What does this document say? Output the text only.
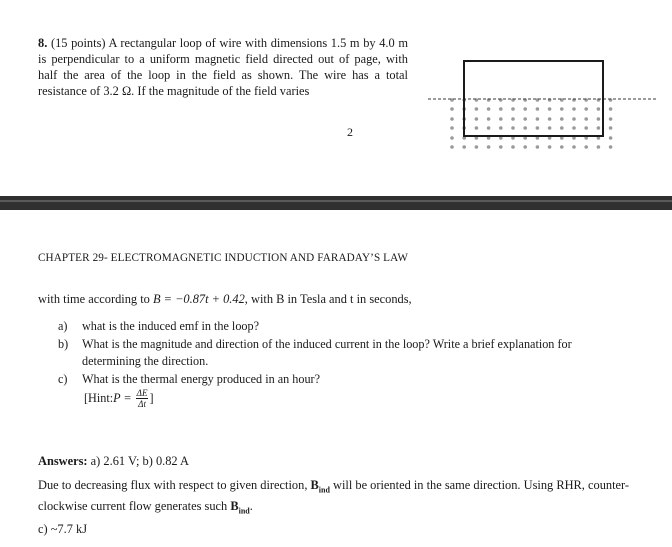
8. (15 points) A rectangular loop of wire with dimensions 1.5 m by 4.0 m is perpendicular to a uniform magnetic field directed out of page, with half the area of the loop in the field as shown. The wire has a total resistance of 3.2 Ω. If the magnitude of the field varies

2
CHAPTER 29- ELECTROMAGNETIC INDUCTION AND FARADAY’S LAW
with time according to B = −0.87t + 0.42, with B in Tesla and t in seconds,
a) what is the induced emf in the loop?
b) What is the magnitude and direction of the induced current in the loop? Write a brief explanation for determining the direction.
c) What is the thermal energy produced in an hour?
[Hint: P =
$\frac{\Delta E}{\Delta t}$ ]
Answers: a) 2.61 V; b) 0.82 A

Due to decreasing flux with respect to given direction, $B_{ind}$ will be oriented in the same direction. Using RHR, counter-clockwise current flow generates such $B_{ind}$.

c) ~7.7 kJ
